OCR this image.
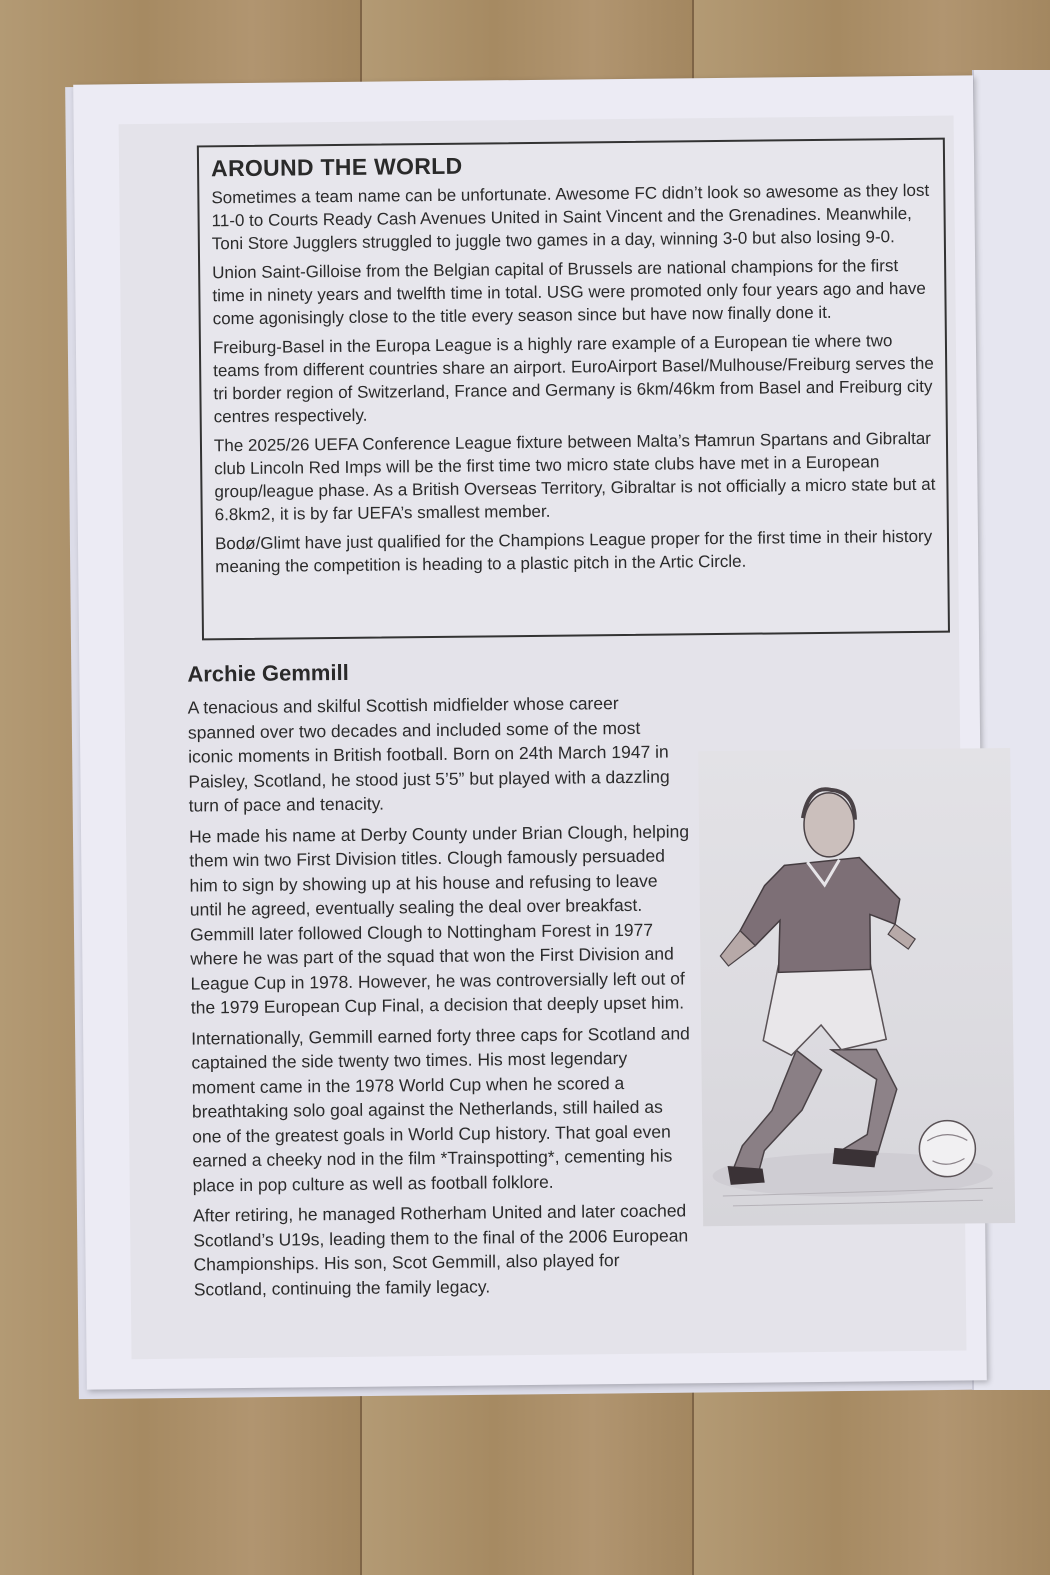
AROUND THE WORLD

Sometimes a team name can be unfortunate. Awesome FC didn’t look so awesome as they lost 11-0 to Courts Ready Cash Avenues United in Saint Vincent and the Grenadines. Meanwhile, Toni Store Jugglers struggled to juggle two games in a day, winning 3-0 but also losing 9-0.

Union Saint-Gilloise from the Belgian capital of Brussels are national champions for the first time in ninety years and twelfth time in total. USG were promoted only four years ago and have come agonisingly close to the title every season since but have now finally done it.

Freiburg-Basel in the Europa League is a highly rare example of a European tie where two teams from different countries share an airport. EuroAirport Basel/Mulhouse/Freiburg serves the tri border region of Switzerland, France and Germany is 6km/46km from Basel and Freiburg city centres respectively.

The 2025/26 UEFA Conference League fixture between Malta’s Ħamrun Spartans and Gibraltar club Lincoln Red Imps will be the first time two micro state clubs have met in a European group/league phase. As a British Overseas Territory, Gibraltar is not officially a micro state but at 6.8km2, it is by far UEFA’s smallest member.

Bodø/Glimt have just qualified for the Champions League proper for the first time in their history meaning the competition is heading to a plastic pitch in the Artic Circle.

Archie Gemmill

A tenacious and skilful Scottish midfielder whose career spanned over two decades and included some of the most iconic moments in British football. Born on 24th March 1947 in Paisley, Scotland, he stood just 5’5” but played with a dazzling turn of pace and tenacity.

He made his name at Derby County under Brian Clough, helping them win two First Division titles. Clough famously persuaded him to sign by showing up at his house and refusing to leave until he agreed, eventually sealing the deal over breakfast. Gemmill later followed Clough to Nottingham Forest in 1977 where he was part of the squad that won the First Division and League Cup in 1978. However, he was controversially left out of the 1979 European Cup Final, a decision that deeply upset him.

Internationally, Gemmill earned forty three caps for Scotland and captained the side twenty two times. His most legendary moment came in the 1978 World Cup when he scored a breathtaking solo goal against the Netherlands, still hailed as one of the greatest goals in World Cup history. That goal even earned a cheeky nod in the film *Trainspotting*, cementing his place in pop culture as well as football folklore.

After retiring, he managed Rotherham United and later coached Scotland’s U19s, leading them to the final of the 2006 European Championships. His son, Scot Gemmill, also played for Scotland, continuing the family legacy.
